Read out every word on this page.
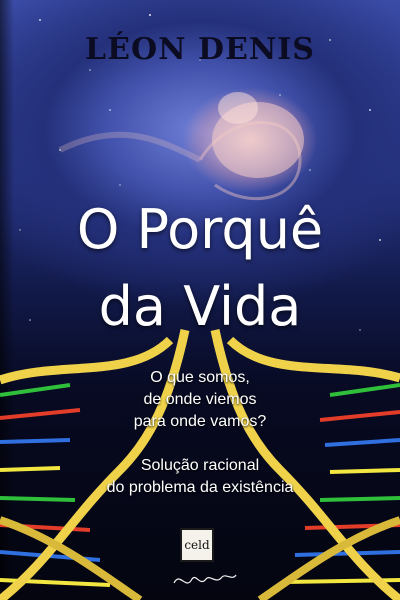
LÉON DENIS
O Porquê
da Vida
O que somos,
de onde viemos
para onde vamos?
Solução racional
do problema da existência
celd
